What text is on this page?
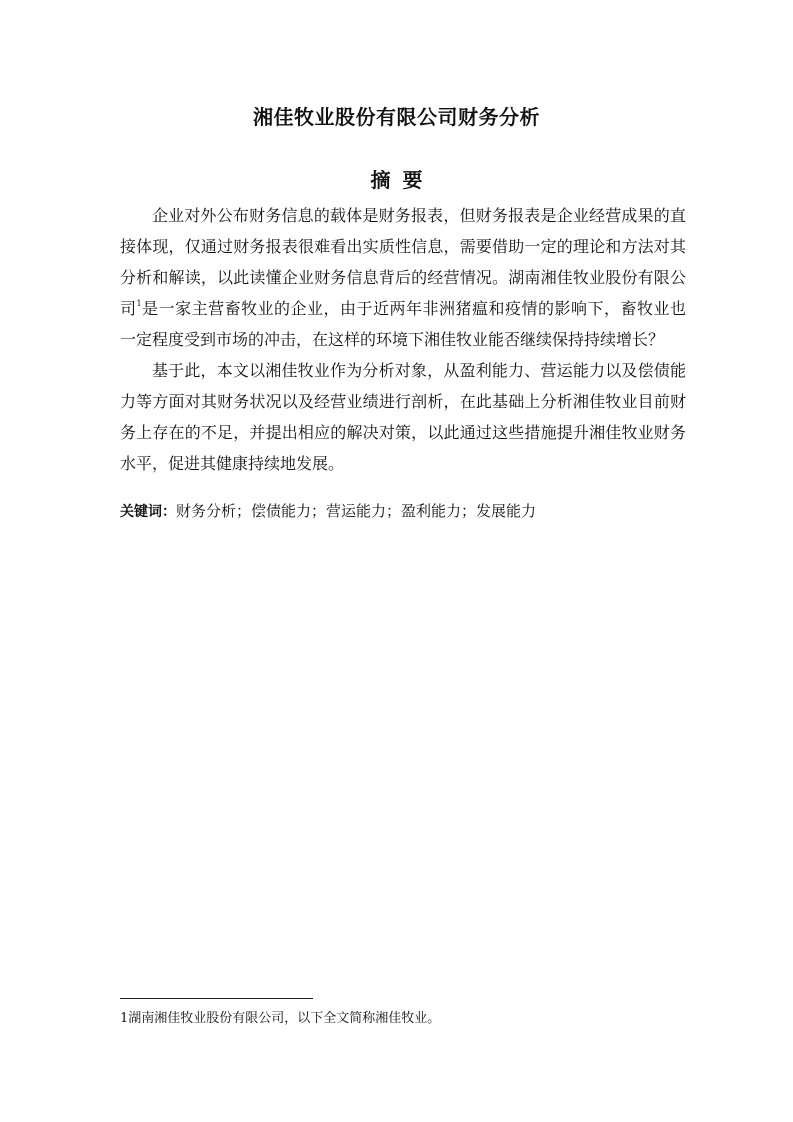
湘佳牧业股份有限公司财务分析
摘 要
企业对外公布财务信息的载体是财务报表，但财务报表是企业经营成果的直
接体现，仅通过财务报表很难看出实质性信息，需要借助一定的理论和方法对其
分析和解读，以此读懂企业财务信息背后的经营情况。湖南湘佳牧业股份有限公
司$^1$是一家主营畜牧业的企业，由于近两年非洲猪瘟和疫情的影响下，畜牧业也
一定程度受到市场的冲击，在这样的环境下湘佳牧业能否继续保持持续增长？
基于此，本文以湘佳牧业作为分析对象，从盈利能力、营运能力以及偿债能
力等方面对其财务状况以及经营业绩进行剖析，在此基础上分析湘佳牧业目前财
务上存在的不足，并提出相应的解决对策，以此通过这些措施提升湘佳牧业财务
水平，促进其健康持续地发展。
关键词：财务分析；偿债能力；营运能力；盈利能力；发展能力
1湖南湘佳牧业股份有限公司，以下全文简称湘佳牧业。
